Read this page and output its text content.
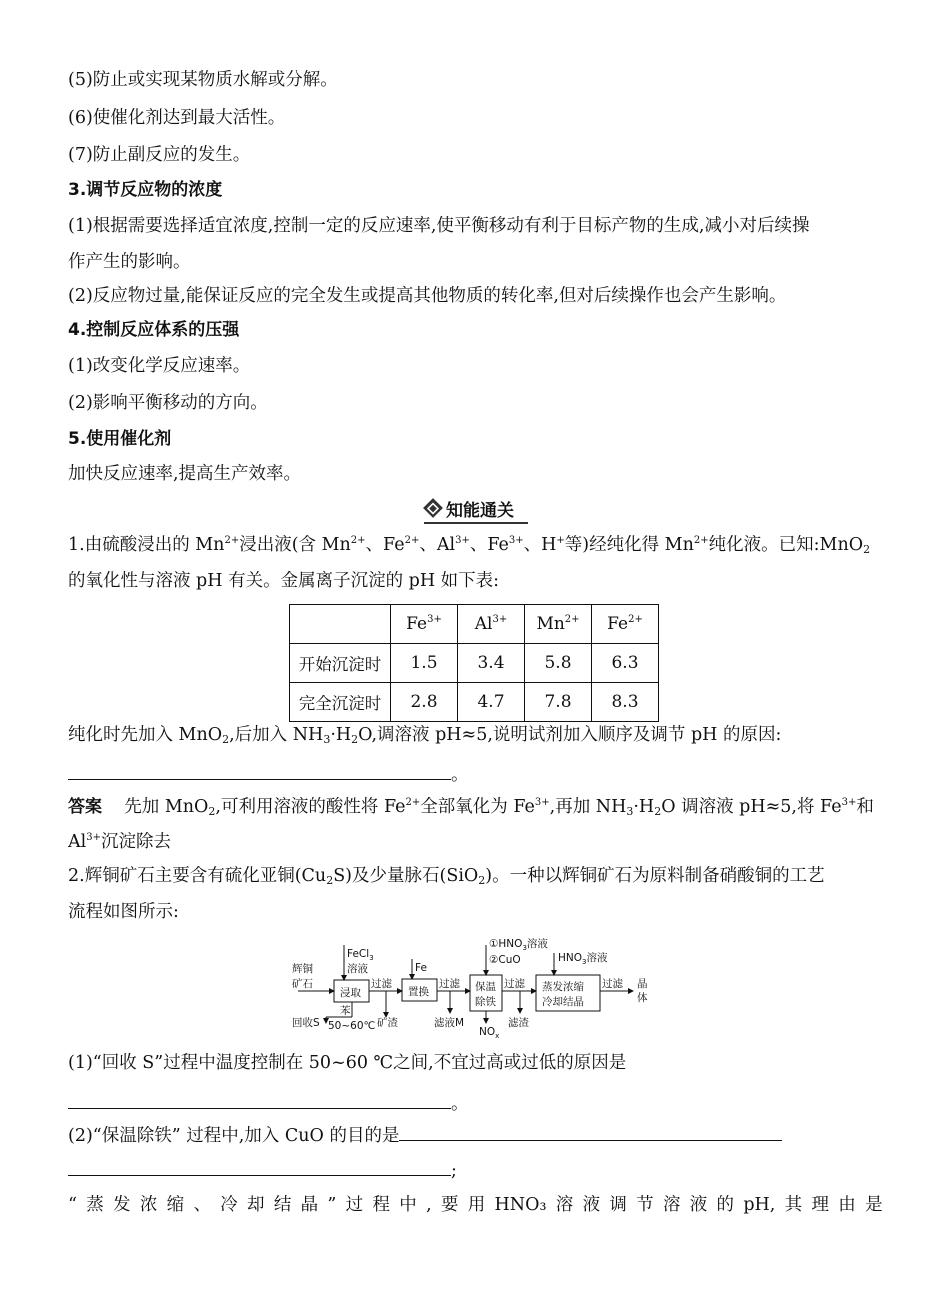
(5)防止或实现某物质水解或分解。
(6)使催化剂达到最大活性。
(7)防止副反应的发生。
3.调节反应物的浓度
(1)根据需要选择适宜浓度,控制一定的反应速率,使平衡移动有利于目标产物的生成,减小对后续操
作产生的影响。
(2)反应物过量,能保证反应的完全发生或提高其他物质的转化率,但对后续操作也会产生影响。
4.控制反应体系的压强
(1)改变化学反应速率。
(2)影响平衡移动的方向。
5.使用催化剂
加快反应速率,提高生产效率。
知能通关
1.由硫酸浸出的 $Mn^{2+}$浸出液(含 $Mn^{2+}$、$Fe^{2+}$、$Al^{3+}$、$Fe^{3+}$、H+等)经纯化得 $Mn^{2+}$纯化液。已知:MnO$_2$
的氧化性与溶液 pH 有关。金属离子沉淀的 pH 如下表:
	$Fe^{3+}$	$Al^{3+}$	$Mn^{2+}$	$Fe^{2+}$
开始沉淀时	1.5	3.4	5.8	6.3
完全沉淀时	2.8	4.7	7.8	8.3
纯化时先加入 MnO$_2$,后加入 $NH_3\cdot H_2O$,调溶液 pH≈5,说明试剂加入顺序及调节 pH 的原因:
。
答案 先加 MnO$_2$,可利用溶液的酸性将 $Fe^{2+}$全部氧化为 $Fe^{3+}$,再加 $NH_3\cdot H_2O$ 调溶液 pH≈5,将 $Fe^{3+}$和
$Al^{3+}$沉淀除去
2.辉铜矿石主要含有硫化亚铜$(Cu_2S)$及少量脉石(SiO$_2$)。一种以辉铜矿石为原料制备硝酸铜的工艺
流程如图所示:
辉铜
矿石
FeCl$_3$
溶液
浸取
过滤
Fe
置换
过滤
$①HNO_3$溶液
②CuO
保温
除铁
过滤
$HNO_3$溶液
蒸发浓缩
冷却结晶
过滤 晶
体
苯
回收S 50~60℃ 矿渣	滤液M
$NO_x$
滤渣
(1)“回收 S”过程中温度控制在 50~60 ℃之间,不宜过高或过低的原因是
。
(2)“保温除铁” 过程中,加入 CuO 的目的是
;
“ 蒸 发 浓 缩 、 冷 却 结 晶 ” 过 程 中 , 要 用 HNO₃ 溶 液 调 节 溶 液 的 pH, 其 理 由 是
